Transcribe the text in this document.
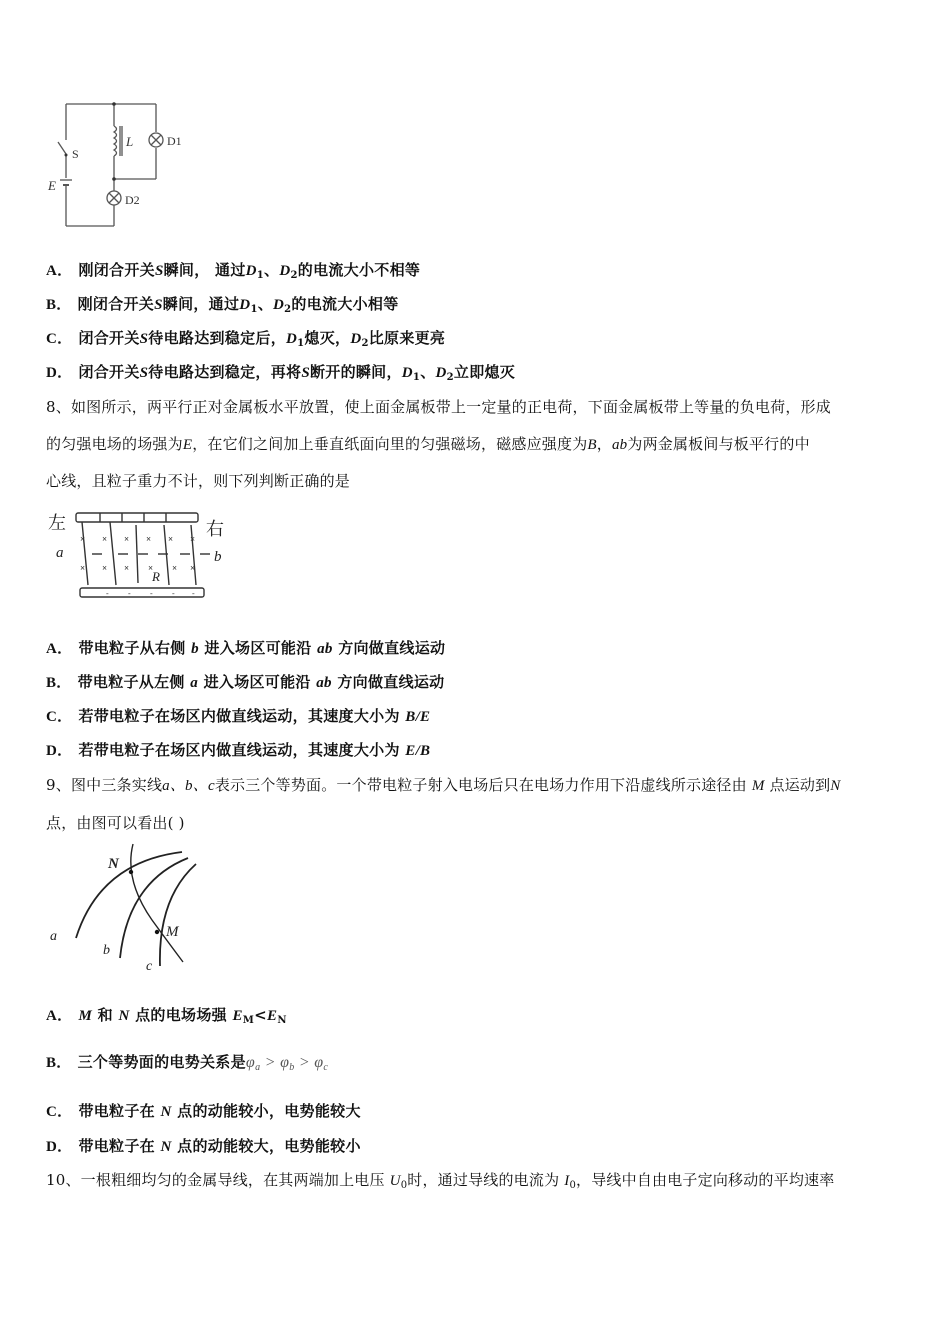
S
E
L	D1
D2
A． 刚闭合开关S瞬间， 通过$D_1$、$D_2$的电流大小不相等
B． 刚闭合开关S瞬间，通过$D_1$、$D_2$的电流大小相等
C． 闭合开关S待电路达到稳定后，$D_1$熄灭，$D_2$比原来更亮
D． 闭合开关S待电路达到稳定，再将S断开的瞬间，$D_1$、$D_2$立即熄灭
8、如图所示，两平行正对金属板水平放置，使上面金属板带上一定量的正电荷，下面金属板带上等量的负电荷，形成
的匀强电场的场强为E，在它们之间加上垂直纸面向里的匀强磁场，磁感应强度为B，ab为两金属板间与板平行的中
心线，且粒子重力不计，则下列判断正确的是
× × × × × ×
× × × × × ×
- - - - -
左	右
a	b
R
A． 带电粒子从右侧 b 进入场区可能沿 ab 方向做直线运动
B． 带电粒子从左侧 a 进入场区可能沿 ab 方向做直线运动
C． 若带电粒子在场区内做直线运动，其速度大小为 B/E
D． 若带电粒子在场区内做直线运动，其速度大小为 E/B
9、图中三条实线a、b、c表示三个等势面。一个带电粒子射入电场后只在电场力作用下沿虚线所示途径由 M 点运动到N
点，由图可以看出( )
N
M
a
b
c
A． M 和 N 点的电场场强 $E_M<E_N$
B． 三个等势面的电势关系是$\varphi_a > \varphi_b > \varphi_c$
C． 带电粒子在 N 点的动能较小，电势能较大
D． 带电粒子在 N 点的动能较大，电势能较小
10、一根粗细均匀的金属导线，在其两端加上电压 $U_0$时，通过导线的电流为 $I_0$，导线中自由电子定向移动的平均速率
